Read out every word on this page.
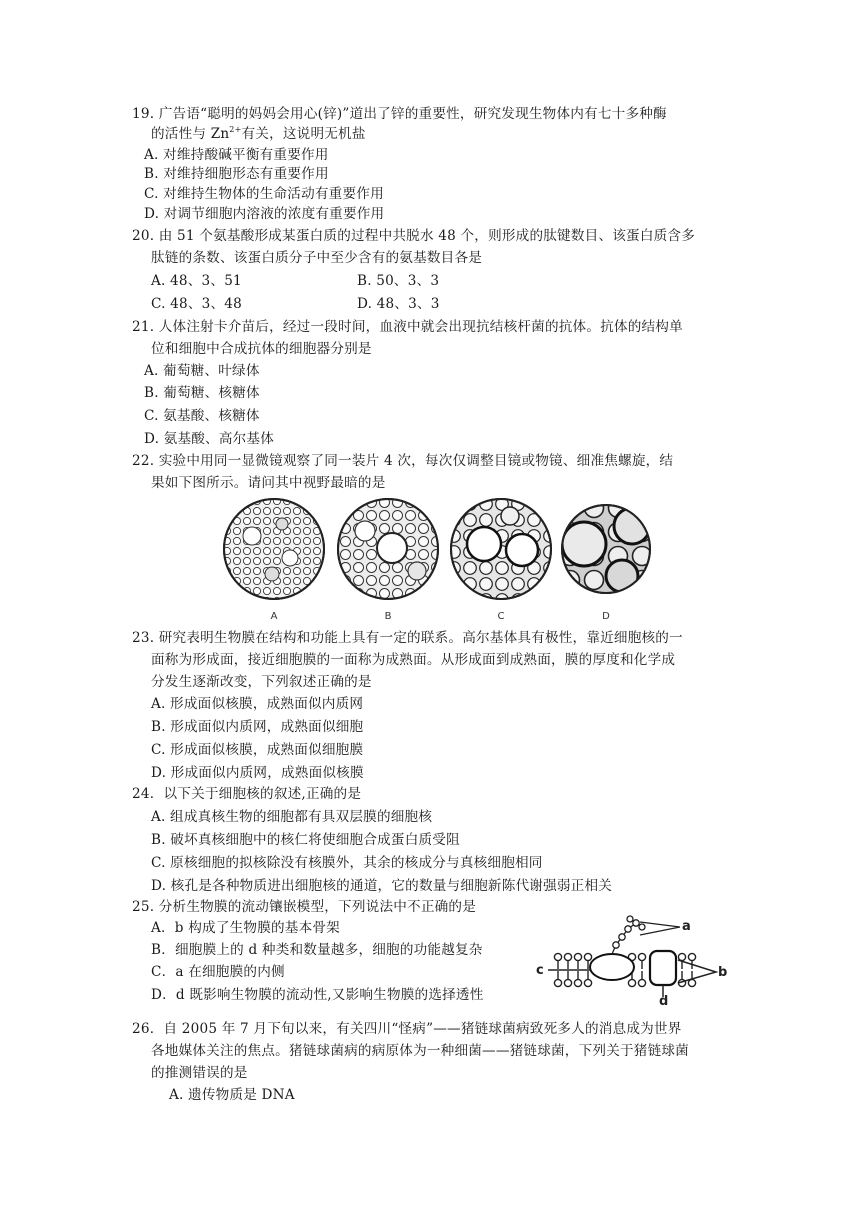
19. 广告语“聪明的妈妈会用心(锌)”道出了锌的重要性，研究发现生物体内有七十多种酶
的活性与 $Zn^{2+}$有关，这说明无机盐
A. 对维持酸碱平衡有重要作用
B. 对维持细胞形态有重要作用
C. 对维持生物体的生命活动有重要作用
D. 对调节细胞内溶液的浓度有重要作用
20. 由 51 个氨基酸形成某蛋白质的过程中共脱水 48 个，则形成的肽键数目、该蛋白质含多
肽链的条数、该蛋白质分子中至少含有的氨基数目各是
A. 48、3、51	B. 50、3、3
C. 48、3、48	D. 48、3、3
21. 人体注射卡介苗后，经过一段时间，血液中就会出现抗结核杆菌的抗体。抗体的结构单
位和细胞中合成抗体的细胞器分别是
A. 葡萄糖、叶绿体
B. 葡萄糖、核糖体
C. 氨基酸、核糖体
D. 氨基酸、高尔基体
22. 实验中用同一显微镜观察了同一装片 4 次，每次仅调整目镜或物镜、细准焦螺旋，结
果如下图所示。请问其中视野最暗的是
A	B	C	D
23. 研究表明生物膜在结构和功能上具有一定的联系。高尔基体具有极性，靠近细胞核的一
面称为形成面，接近细胞膜的一面称为成熟面。从形成面到成熟面，膜的厚度和化学成
分发生逐渐改变，下列叙述正确的是
A. 形成面似核膜，成熟面似内质网
B. 形成面似内质网，成熟面似细胞
C. 形成面似核膜，成熟面似细胞膜
D. 形成面似内质网，成熟面似核膜
24．以下关于细胞核的叙述,正确的是
A. 组成真核生物的细胞都有具双层膜的细胞核
B. 破坏真核细胞中的核仁将使细胞合成蛋白质受阻
C. 原核细胞的拟核除没有核膜外，其余的核成分与真核细胞相同
D. 核孔是各种物质进出细胞核的通道，它的数量与细胞新陈代谢强弱正相关
25. 分析生物膜的流动镶嵌模型，下列说法中不正确的是
A．b 构成了生物膜的基本骨架
B．细胞膜上的 d 种类和数量越多，细胞的功能越复杂
C．a 在细胞膜的内侧
D．d 既影响生物膜的流动性,又影响生物膜的选择透性
a
b
c
d
26．自 2005 年 7 月下旬以来，有关四川“怪病”——猪链球菌病致死多人的消息成为世界
各地媒体关注的焦点。猪链球菌病的病原体为一种细菌——猪链球菌，下列关于猪链球菌
的推测错误的是
A. 遗传物质是 DNA
